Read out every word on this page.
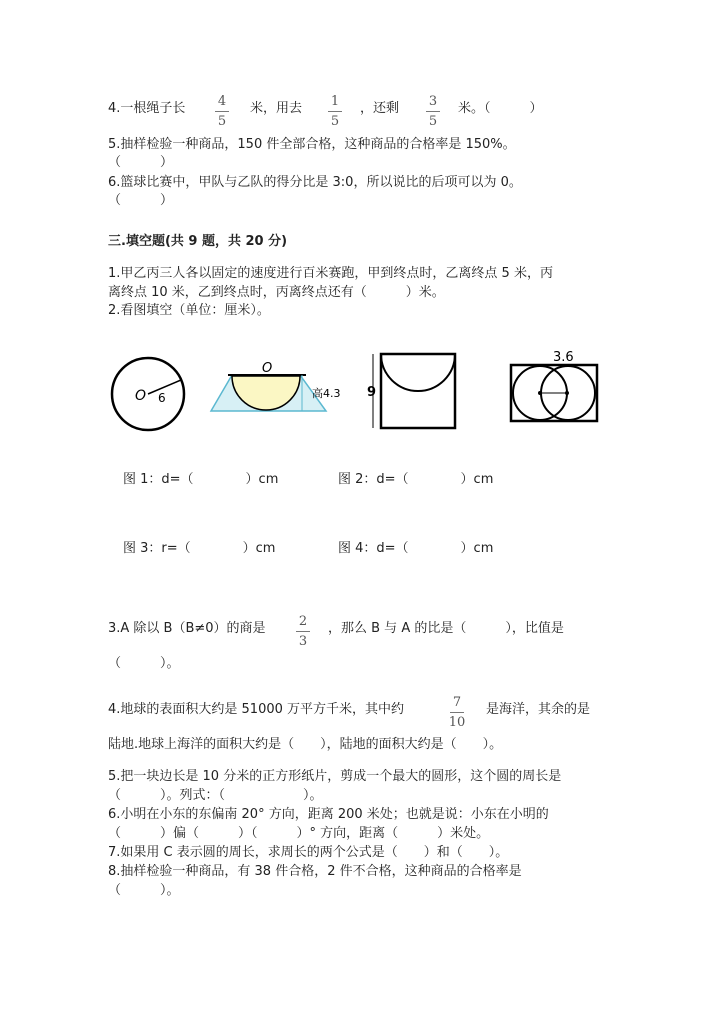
4.一根绳子长	4
5
米，用去	1
5
，还剩	3
5
米。（　　　）
5.抽样检验一种商品，150 件全部合格，这种商品的合格率是 150%。
（　　　）
6.篮球比赛中，甲队与乙队的得分比是 3:0，所以说比的后项可以为 0。
（　　　）
三.填空题(共 9 题，共 20 分)
1.甲乙丙三人各以固定的速度进行百米赛跑，甲到终点时，乙离终点 5 米，丙
离终点 10 米，乙到终点时，丙离终点还有（　　　）米。
2.看图填空（单位：厘米）。
O 6
O
高4.3 9
3.6
图 1：d=（　　　　）cm	图 2：d=（　　　　）cm
图 3：r=（　　　　）cm	图 4：d=（　　　　）cm
3.A 除以 B（B≠0）的商是	2
3
，那么 B 与 A 的比是（　　　），比值是
（　　　）。
4.地球的表面积大约是 51000 万平方千米，其中约	7
10
是海洋，其余的是
陆地.地球上海洋的面积大约是（　　），陆地的面积大约是（　　）。
5.把一块边长是 10 分米的正方形纸片，剪成一个最大的圆形，这个圆的周长是
（　　　）。列式：（　　　　　　）。
6.小明在小东的东偏南 20° 方向，距离 200 米处；也就是说：小东在小明的
（　　　）偏（　　　）（　　　）° 方向，距离（　　　）米处。
7.如果用 C 表示圆的周长，求周长的两个公式是（　　）和（　　）。
8.抽样检验一种商品，有 38 件合格，2 件不合格，这种商品的合格率是
（　　　）。
